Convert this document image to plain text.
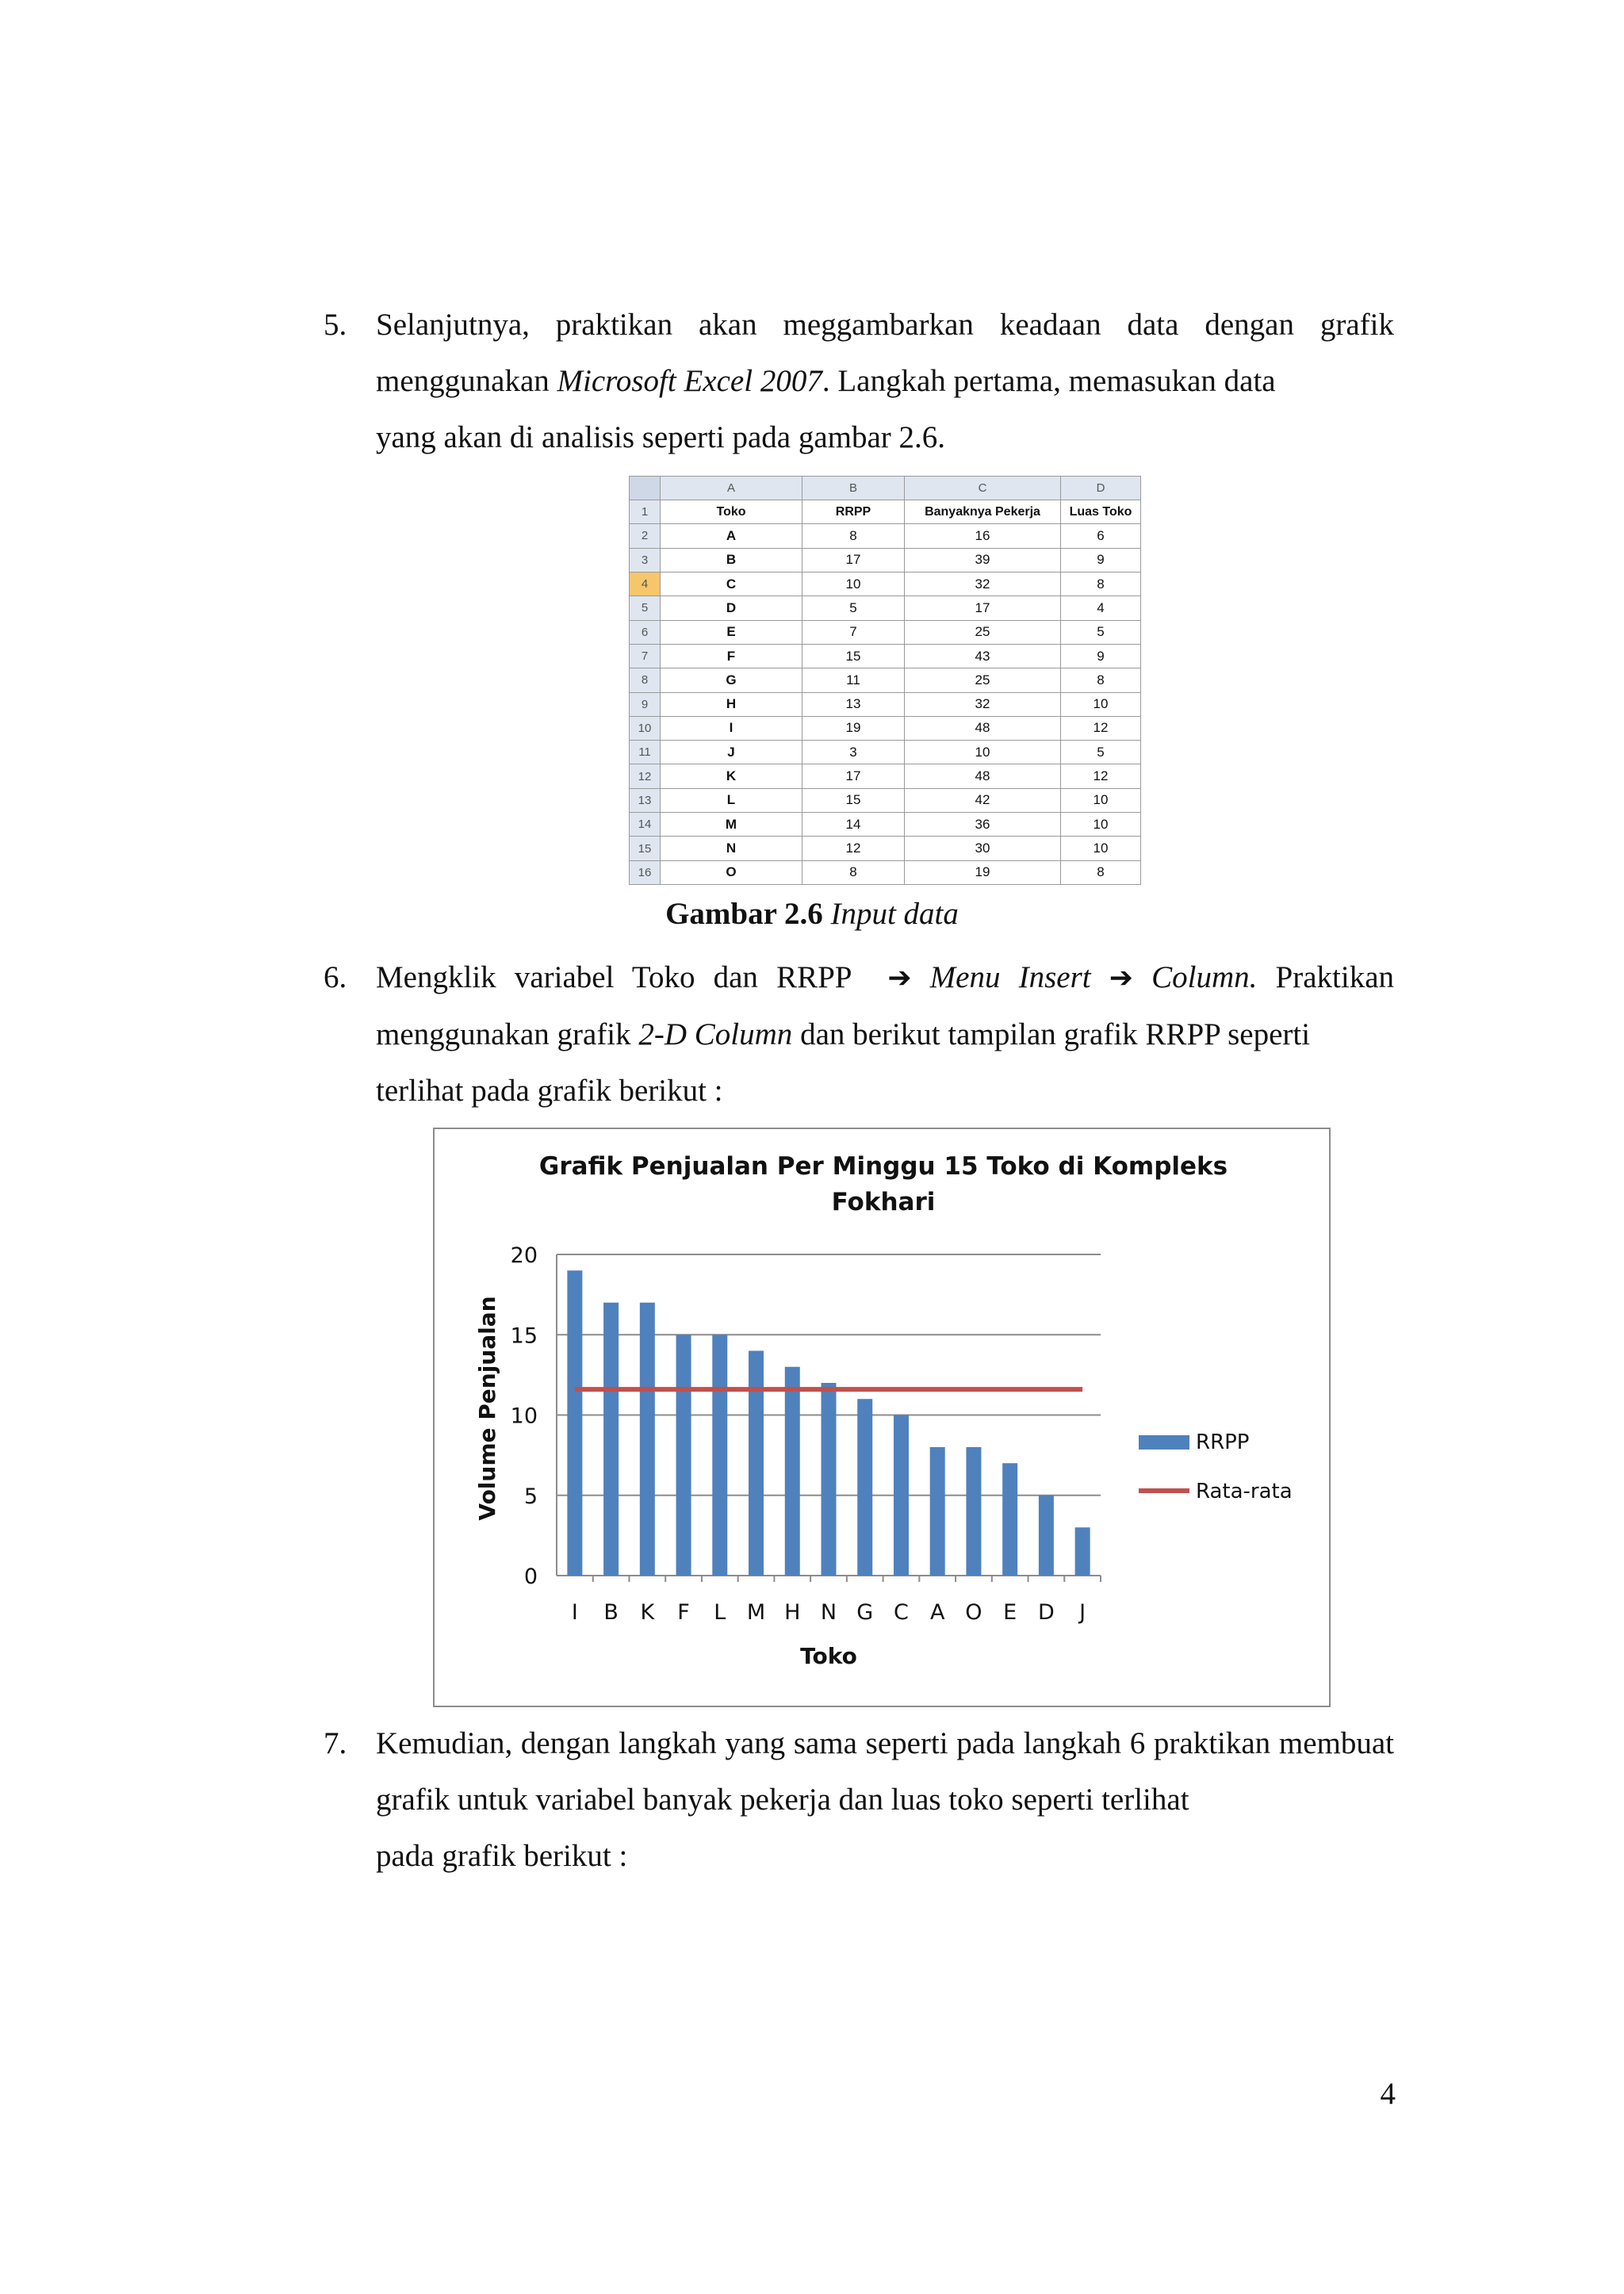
5. Selanjutnya, praktikan akan meggambarkan keadaan data dengan grafik menggunakan Microsoft Excel 2007. Langkah pertama, memasukan data

yang akan di analisis seperti pada gambar 2.6.

	A	B	C	D
1	Toko	RRPP	Banyaknya Pekerja	Luas Toko
2	A	8	16	6
3	B	17	39	9
4	C	10	32	8
5	D	5	17	4
6	E	7	25	5
7	F	15	43	9
8	G	11	25	8
9	H	13	32	10
10	I	19	48	12
11	J	3	10	5
12	K	17	48	12
13	L	15	42	10
14	M	14	36	10
15	N	12	30	10
16	O	8	19	8
Gambar 2.6 Input data
6. Mengklik variabel Toko dan RRPP ➔ Menu Insert ➔ Column. Praktikan menggunakan grafik 2-D Column dan berikut tampilan grafik RRPP seperti

terlihat pada grafik berikut :

Grafik Penjualan Per Minggu 15 Toko di Kompleks
Fokhari
Volume Penjualan
Toko
0
5
10
15
20
I B K F L M H N G C A O E D J
RRPP
Rata-rata
7. Kemudian, dengan langkah yang sama seperti pada langkah 6 praktikan membuat grafik untuk variabel banyak pekerja dan luas toko seperti terlihat

pada grafik berikut :

4
